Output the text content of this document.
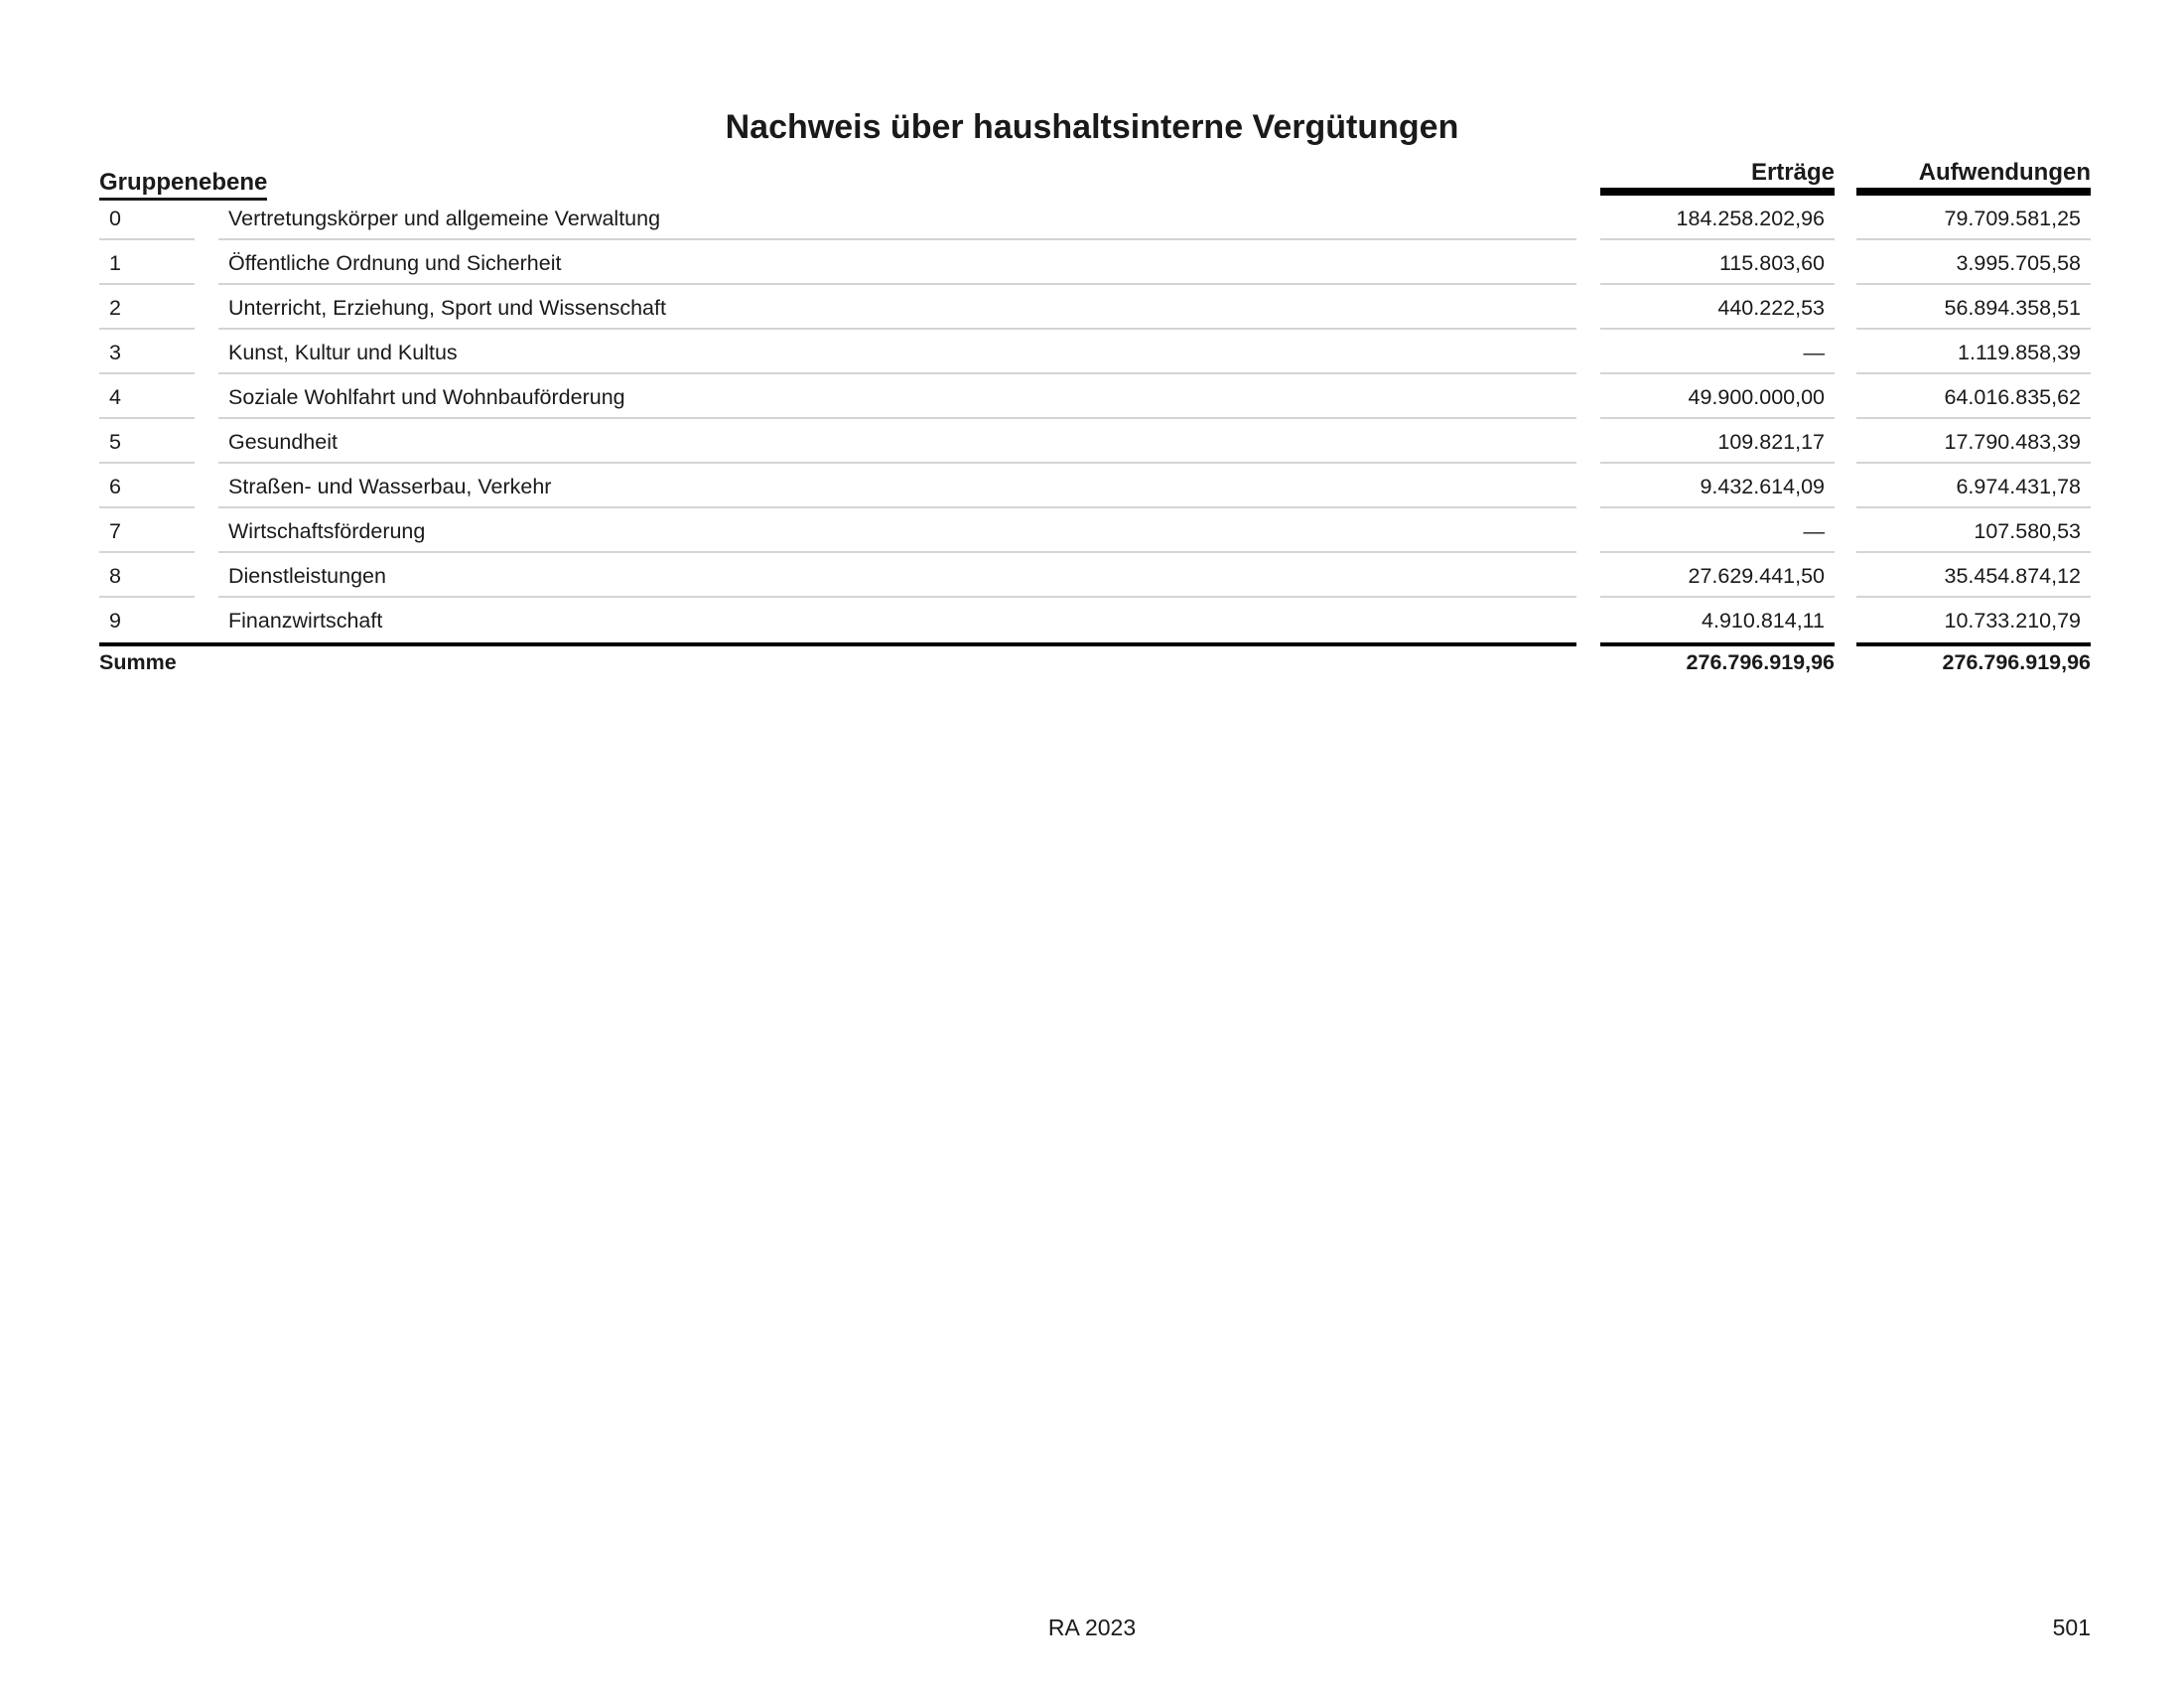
Nachweis über haushaltsinterne Vergütungen
Gruppenebene	Erträge	Aufwendungen
0	Vertretungskörper und allgemeine Verwaltung	184.258.202,96	79.709.581,25
1	Öffentliche Ordnung und Sicherheit	115.803,60	3.995.705,58
2	Unterricht, Erziehung, Sport und Wissenschaft	440.222,53	56.894.358,51
3	Kunst, Kultur und Kultus	—	1.119.858,39
4	Soziale Wohlfahrt und Wohnbauförderung	49.900.000,00	64.016.835,62
5	Gesundheit	109.821,17	17.790.483,39
6	Straßen- und Wasserbau, Verkehr	9.432.614,09	6.974.431,78
7	Wirtschaftsförderung	—	107.580,53
8	Dienstleistungen	27.629.441,50	35.454.874,12
9	Finanzwirtschaft	4.910.814,11	10.733.210,79
Summe	276.796.919,96	276.796.919,96
RA 2023	501
